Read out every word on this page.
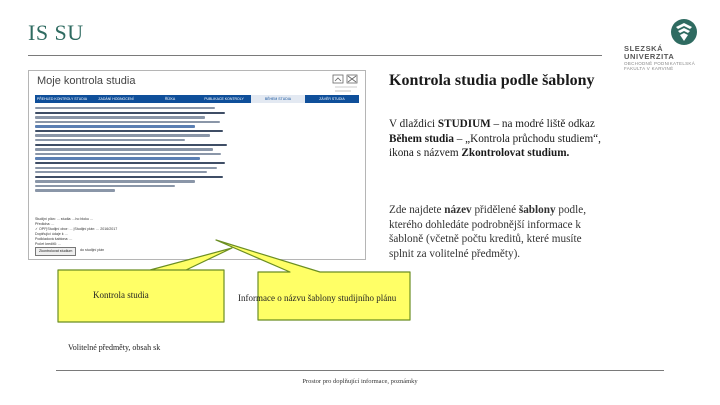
IS SU
SLEZSKÁ
UNIVERZITA
OBCHODNĚ PODNIKATELSKÁ
FAKULTA V KARVINÉ
Moje kontrola studia
PŘEHLED KONTROLY STUDIA	ZADÁNÍ HODNOCENÍ	ŘÍZKA	PUBLIKACE KONTROLY	BĚHEM STUDIA	ZÁVĚR STUDIA
Studijní plán: ... studia: ...ho bloku ...
Předloha: ...
✓ OPF|Studijní obor: ... |Studijní plán: ... 2016/2017
Doplňující údaje k ...
Podkladová šablona: ...
Počet kreditů: ...
Zkontrolovat studium	do studijní plán
Kontrola studia	Informace o názvu šablony studijního plánu
Volitelné předměty, obsah sk
Kontrola studia podle šablony
V dlaždici STUDIUM – na modré liště odkaz Během studia – „Kontrola průchodu studiem“, ikona s názvem Zkontrolovat studium.
Zde najdete název přidělené šablony podle, kterého dohledáte podrobnější informace k šabloně (včetně počtu kreditů, které musíte splnit za volitelné předměty).
Prostor pro doplňující informace, poznámky
